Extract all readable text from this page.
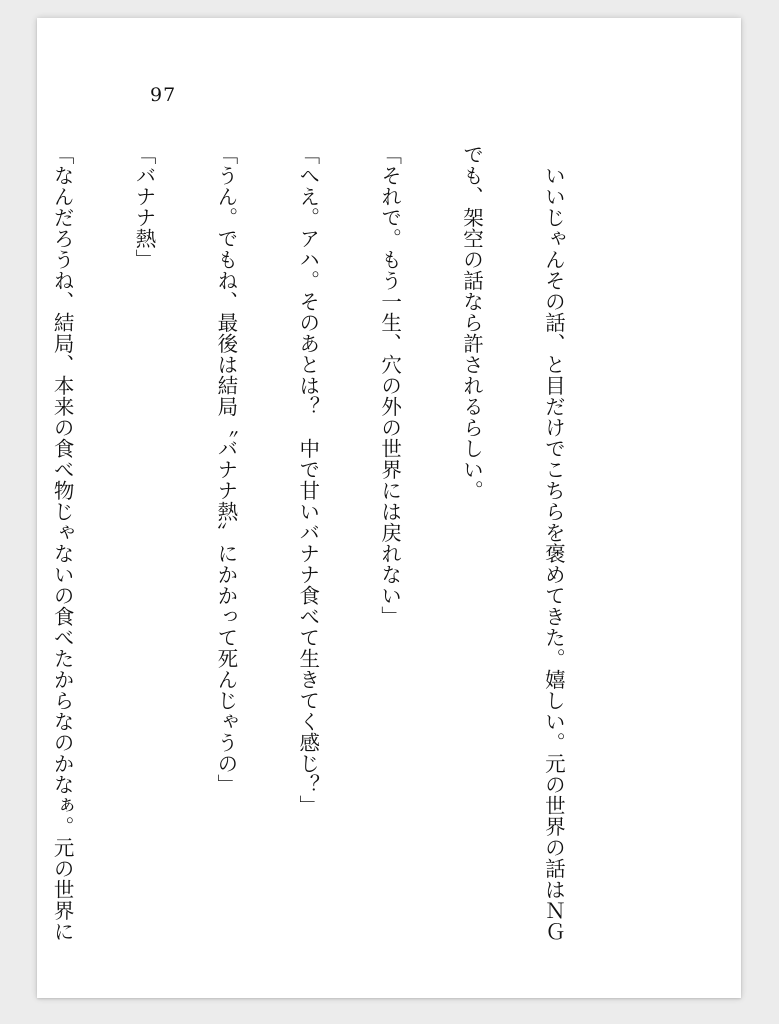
97

　いいじゃんその話、と目だけでこちらを褒めてきた。嬉しい。元の世界の話はＮＧ

でも、架空の話なら許されるらしい。

「それで。もう一生、穴の外の世界には戻れない」

「へえ。アハ。そのあとは？　中で甘いバナナ食べて生きてく感じ？」

「うん。でもね、最後は結局〝バナナ熱〟にかかって死んじゃうの」

「バナナ熱」

「なんだろうね、結局、本来の食べ物じゃないの食べたからなのかなぁ。元の世界に
